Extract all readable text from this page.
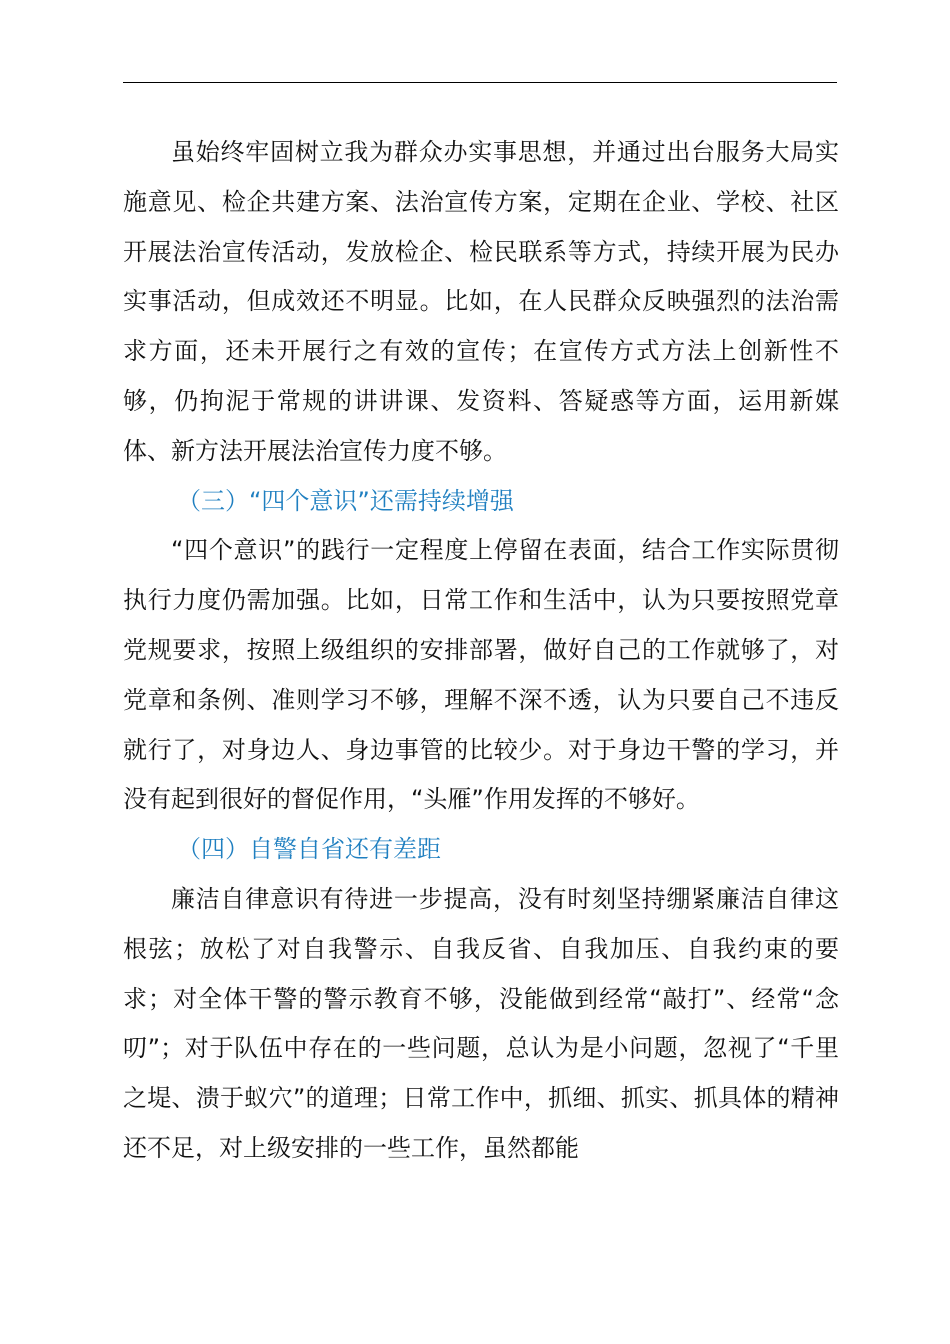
虽始终牢固树立我为群众办实事思想，并通过出台服务大局实施意见、检企共建方案、法治宣传方案，定期在企业、学校、社区开展法治宣传活动，发放检企、检民联系等方式，持续开展为民办实事活动，但成效还不明显。比如，在人民群众反映强烈的法治需求方面，还未开展行之有效的宣传；在宣传方式方法上创新性不够，仍拘泥于常规的讲讲课、发资料、答疑惑等方面，运用新媒体、新方法开展法治宣传力度不够。

（三）“四个意识”还需持续增强

“四个意识”的践行一定程度上停留在表面，结合工作实际贯彻执行力度仍需加强。比如，日常工作和生活中，认为只要按照党章党规要求，按照上级组织的安排部署，做好自己的工作就够了，对党章和条例、准则学习不够，理解不深不透，认为只要自己不违反就行了，对身边人、身边事管的比较少。对于身边干警的学习，并没有起到很好的督促作用，“头雁”作用发挥的不够好。

（四）自警自省还有差距

廉洁自律意识有待进一步提高，没有时刻坚持绷紧廉洁自律这根弦；放松了对自我警示、自我反省、自我加压、自我约束的要求；对全体干警的警示教育不够，没能做到经常“敲打”、经常“念叨”；对于队伍中存在的一些问题，总认为是小问题，忽视了“千里之堤、溃于蚁穴”的道理；日常工作中，抓细、抓实、抓具体的精神还不足，对上级安排的一些工作，虽然都能
